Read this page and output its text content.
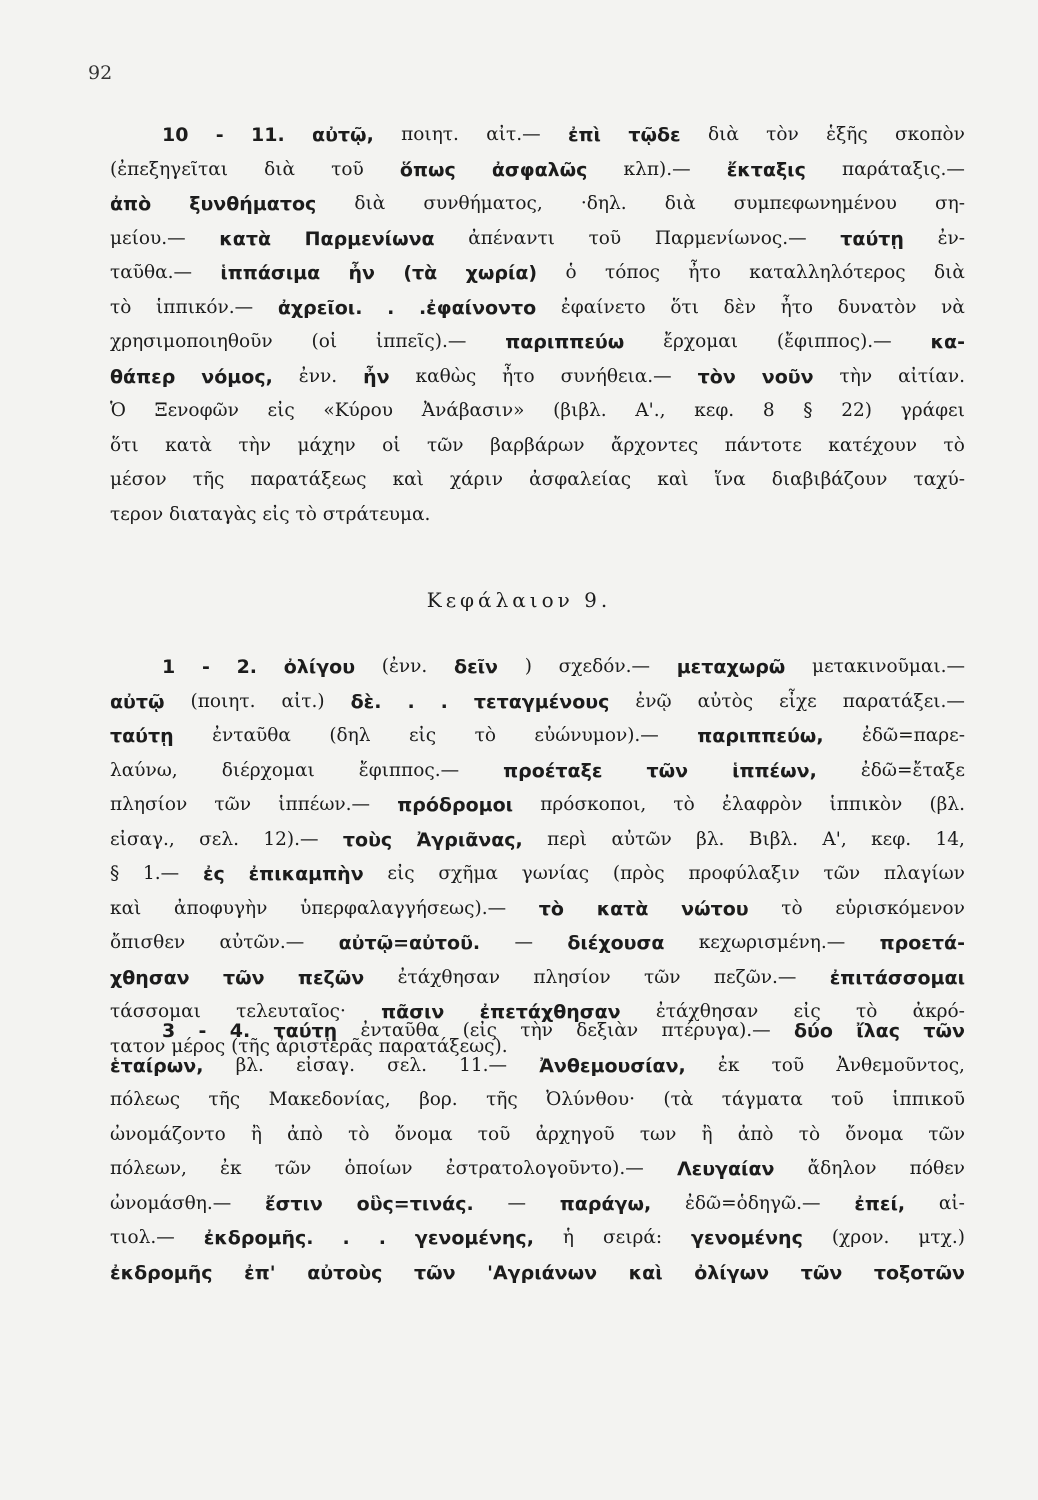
92
10 - 11. αὐτῷ, ποιητ. αἰτ.— ἐπὶ τῷδε διὰ τὸν ἑξῆς σκοπὸν
(ἐπεξηγεῖται διὰ τοῦ ὅπως ἀσφαλῶς κλπ).— ἔκταξις παράταξις.—
ἀπὸ ξυνθήματος διὰ συνθήματος, ·δηλ. διὰ συμπεφωνημένου ση-
μείου.— κατὰ Παρμενίωνα ἀπέναντι τοῦ Παρμενίωνος.— ταύτῃ ἐν-
ταῦθα.— ἱππάσιμα ἦν (τὰ χωρία) ὁ τόπος ἦτο καταλληλότερος διὰ
τὸ ἱππικόν.— ἀχρεῖοι. . .ἐφαίνοντο ἐφαίνετο ὅτι δὲν ἦτο δυνατὸν νὰ
χρησιμοποιηθοῦν (οἱ ἱππεῖς).— παριππεύω ἔρχομαι (ἔφιππος).— κα-
θάπερ νόμος, ἐνν. ἦν καθὼς ἦτο συνήθεια.— τὸν νοῦν τὴν αἰτίαν.
Ὁ Ξενοφῶν εἰς «Κύρου Ἀνάβασιν» (βιβλ. Α'., κεφ. 8 § 22) γράφει
ὅτι κατὰ τὴν μάχην οἱ τῶν βαρβάρων ἄρχοντες πάντοτε κατέχουν τὸ
μέσον τῆς παρατάξεως καὶ χάριν ἀσφαλείας καὶ ἵνα διαβιβάζουν ταχύ-
τερον διαταγὰς εἰς τὸ στράτευμα.
Κεφάλαιον 9.
1 - 2. ὀλίγου (ἐνν. δεῖν ) σχεδόν.— μεταχωρῶ μετακινοῦμαι.—
αὐτῷ (ποιητ. αἰτ.) δὲ. . . τεταγμένους ἐνῷ αὐτὸς εἶχε παρατάξει.—
ταύτῃ ἐνταῦθα (δηλ εἰς τὸ εὐώνυμον).— παριππεύω, ἐδῶ=παρε-
λαύνω, διέρχομαι ἔφιππος.— προέταξε τῶν ἱππέων, ἐδῶ=ἔταξε
πλησίον τῶν ἱππέων.— πρόδρομοι πρόσκοποι, τὸ ἐλαφρὸν ἱππικὸν (βλ.
εἰσαγ., σελ. 12).— τοὺς Ἀγριᾶνας, περὶ αὐτῶν βλ. Βιβλ. Α', κεφ. 14,
§ 1.— ἐς ἐπικαμπὴν εἰς σχῆμα γωνίας (πρὸς προφύλαξιν τῶν πλαγίων
καὶ ἀποφυγὴν ὑπερφαλαγγήσεως).— τὸ κατὰ νώτου τὸ εὑρισκόμενον
ὄπισθεν αὐτῶν.— αὐτῷ=αὐτοῦ. — διέχουσα κεχωρισμένη.— προετά-
χθησαν τῶν πεζῶν ἐτάχθησαν πλησίον τῶν πεζῶν.— ἐπιτάσσομαι
τάσσομαι τελευταῖος· πᾶσιν ἐπετάχθησαν ἐτάχθησαν εἰς τὸ ἀκρό-
τατον μέρος (τῆς ἀριστερᾶς παρατάξεως).
3 - 4. ταύτῃ ἐνταῦθα (εἰς τὴν δεξιὰν πτέρυγα).— δύο ἴλας τῶν
ἑταίρων, βλ. εἰσαγ. σελ. 11.— Ἀνθεμουσίαν, ἐκ τοῦ Ἀνθεμοῦντος,
πόλεως τῆς Μακεδονίας, βορ. τῆς Ὀλύνθου· (τὰ τάγματα τοῦ ἱππικοῦ
ὠνομάζοντο ἢ ἀπὸ τὸ ὄνομα τοῦ ἀρχηγοῦ των ἢ ἀπὸ τὸ ὄνομα τῶν
πόλεων, ἐκ τῶν ὁποίων ἐστρατολογοῦντο).— Λευγαίαν ἄδηλον πόθεν
ὠνομάσθη.— ἔστιν οὓς=τινάς. — παράγω, ἐδῶ=ὁδηγῶ.— ἐπεί, αἰ-
τιολ.— ἐκδρομῆς. . . γενομένης, ἡ σειρά: γενομένης (χρον. μτχ.)
ἐκδρομῆς ἐπ' αὐτοὺς τῶν 'Αγριάνων καὶ ὀλίγων τῶν τοξοτῶν
